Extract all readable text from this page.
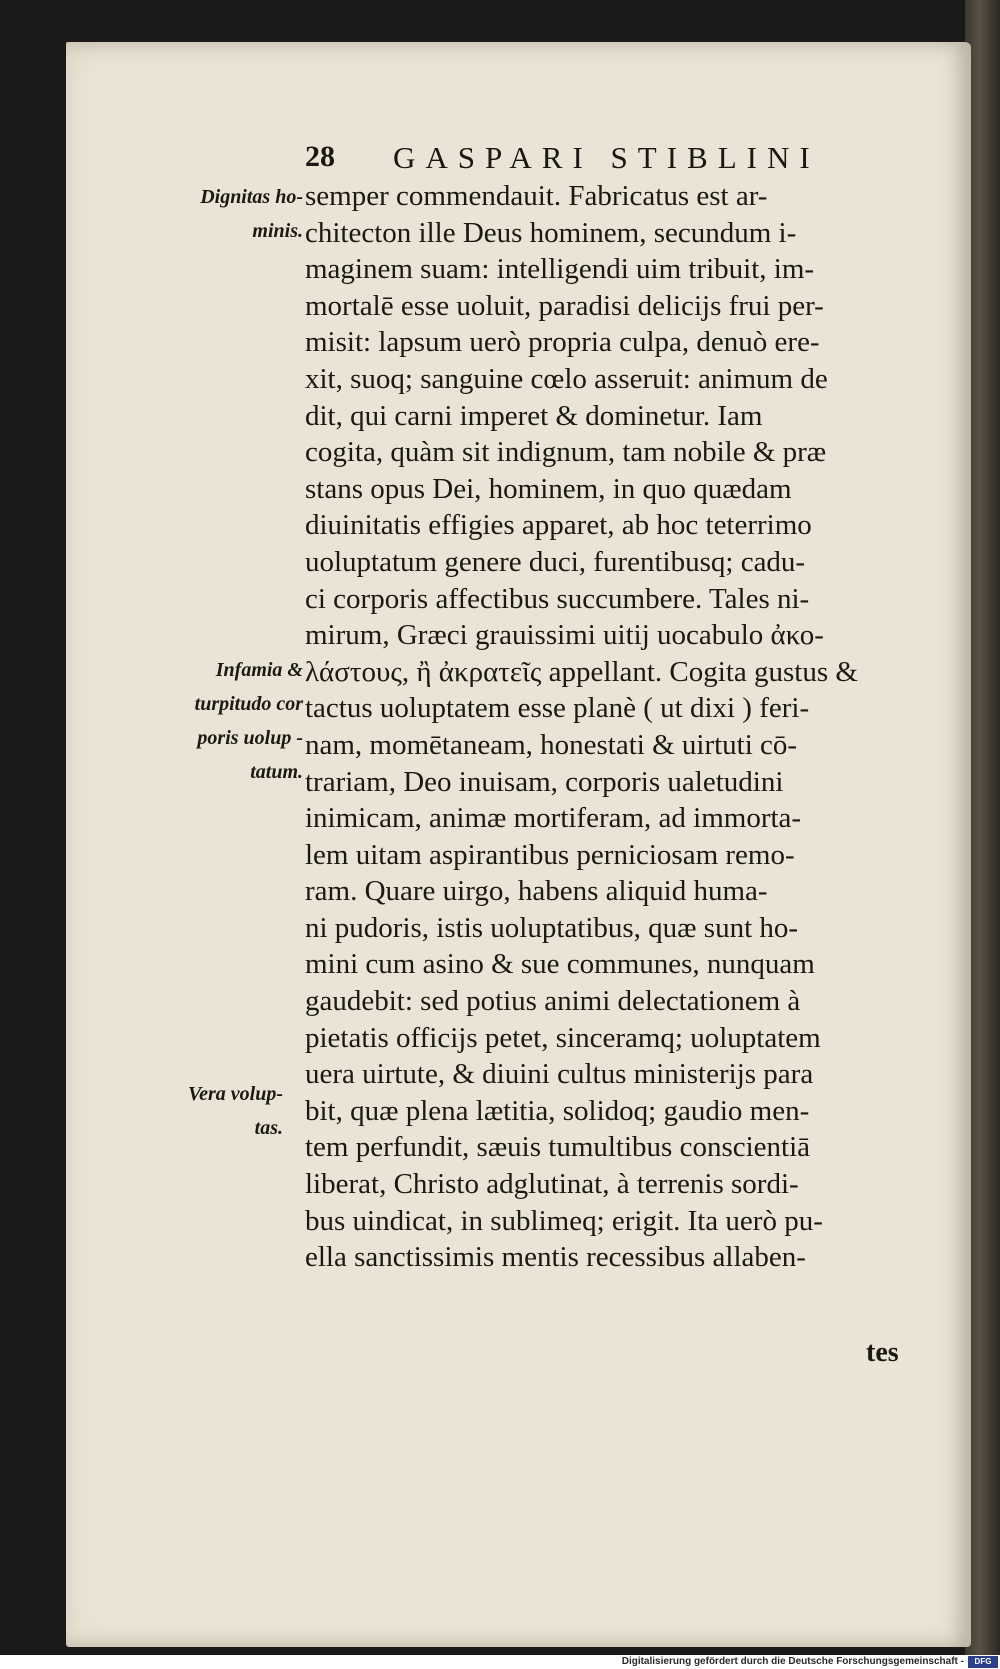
28 GASPARI STIBLINI
Dignitas ho-
minis.
Infamia &
turpitudo cor
poris uolup -
tatum.
Vera volup-
tas.
semper commendauit. Fabricatus est ar-
chitecton ille Deus hominem, secundum i-
maginem suam: intelligendi uim tribuit, im-
mortalē esse uoluit, paradisi delicijs frui per-
misit: lapsum uerò propria culpa, denuò ere-
xit, suoq; sanguine cœlo asseruit: animum de
dit, qui carni imperet & dominetur. Iam
cogita, quàm sit indignum, tam nobile & præ
stans opus Dei, hominem, in quo quædam
diuinitatis effigies apparet, ab hoc teterrimo
uoluptatum genere duci, furentibusq; cadu-
ci corporis affectibus succumbere. Tales ni-
mirum, Græci grauissimi uitij uocabulo ἀκο-
λάστους, ἢ ἀκρατεῖς appellant. Cogita gustus &
tactus uoluptatem esse planè ( ut dixi ) feri-
nam, momētaneam, honestati & uirtuti cō-
trariam, Deo inuisam, corporis ualetudini
inimicam, animæ mortiferam, ad immorta-
lem uitam aspirantibus perniciosam remo-
ram. Quare uirgo, habens aliquid huma-
ni pudoris, istis uoluptatibus, quæ sunt ho-
mini cum asino & sue communes, nunquam
gaudebit: sed potius animi delectationem à
pietatis officijs petet, sinceramq; uoluptatem
uera uirtute, & diuini cultus ministerijs para
bit, quæ plena lætitia, solidoq; gaudio men-
tem perfundit, sæuis tumultibus conscientiā
liberat, Christo adglutinat, à terrenis sordi-
bus uindicat, in sublimeq; erigit. Ita uerò pu-
ella sanctissimis mentis recessibus allaben-
tes
Digitalisierung gefördert durch die Deutsche Forschungsgemeinschaft -	DFG
